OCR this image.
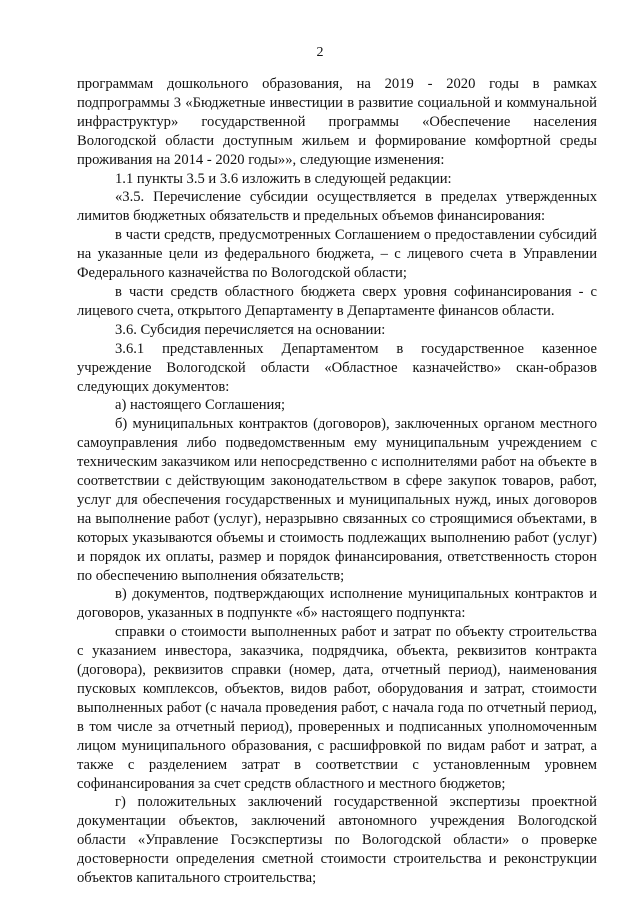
2

программам дошкольного образования, на 2019 - 2020 годы в рамках подпрограммы 3 «Бюджетные инвестиции в развитие социальной и коммунальной инфраструктур» государственной программы «Обеспечение населения Вологодской области доступным жильем и формирование комфортной среды проживания на 2014 - 2020 годы»», следующие изменения:

1.1 пункты 3.5 и 3.6 изложить в следующей редакции:

«3.5. Перечисление субсидии осуществляется в пределах утвержденных лимитов бюджетных обязательств и предельных объемов финансирования:

в части средств, предусмотренных Соглашением о предоставлении субсидий на указанные цели из федерального бюджета, – с лицевого счета в Управлении Федерального казначейства по Вологодской области;

в части средств областного бюджета сверх уровня софинансирования - с лицевого счета, открытого Департаменту в Департаменте финансов области.

3.6. Субсидия перечисляется на основании:

3.6.1 представленных Департаментом в государственное казенное учреждение Вологодской области «Областное казначейство» скан-образов следующих документов:

а) настоящего Соглашения;

б) муниципальных контрактов (договоров), заключенных органом местного самоуправления либо подведомственным ему муниципальным учреждением с техническим заказчиком или непосредственно с исполнителями работ на объекте в соответствии с действующим законодательством в сфере закупок товаров, работ, услуг для обеспечения государственных и муниципальных нужд, иных договоров на выполнение работ (услуг), неразрывно связанных со строящимися объектами, в которых указываются объемы и стоимость подлежащих выполнению работ (услуг) и порядок их оплаты, размер и порядок финансирования, ответственность сторон по обеспечению выполнения обязательств;

в) документов, подтверждающих исполнение муниципальных контрактов и договоров, указанных в подпункте «б» настоящего подпункта:

справки о стоимости выполненных работ и затрат по объекту строительства с указанием инвестора, заказчика, подрядчика, объекта, реквизитов контракта (договора), реквизитов справки (номер, дата, отчетный период), наименования пусковых комплексов, объектов, видов работ, оборудования и затрат, стоимости выполненных работ (с начала проведения работ, с начала года по отчетный период, в том числе за отчетный период), проверенных и подписанных уполномоченным лицом муниципального образования, с расшифровкой по видам работ и затрат, а также с разделением затрат в соответствии с установленным уровнем софинансирования за счет средств областного и местного бюджетов;

г) положительных заключений государственной экспертизы проектной документации объектов, заключений автономного учреждения Вологодской области «Управление Госэкспертизы по Вологодской области» о проверке достоверности определения сметной стоимости строительства и реконструкции объектов капитального строительства;
